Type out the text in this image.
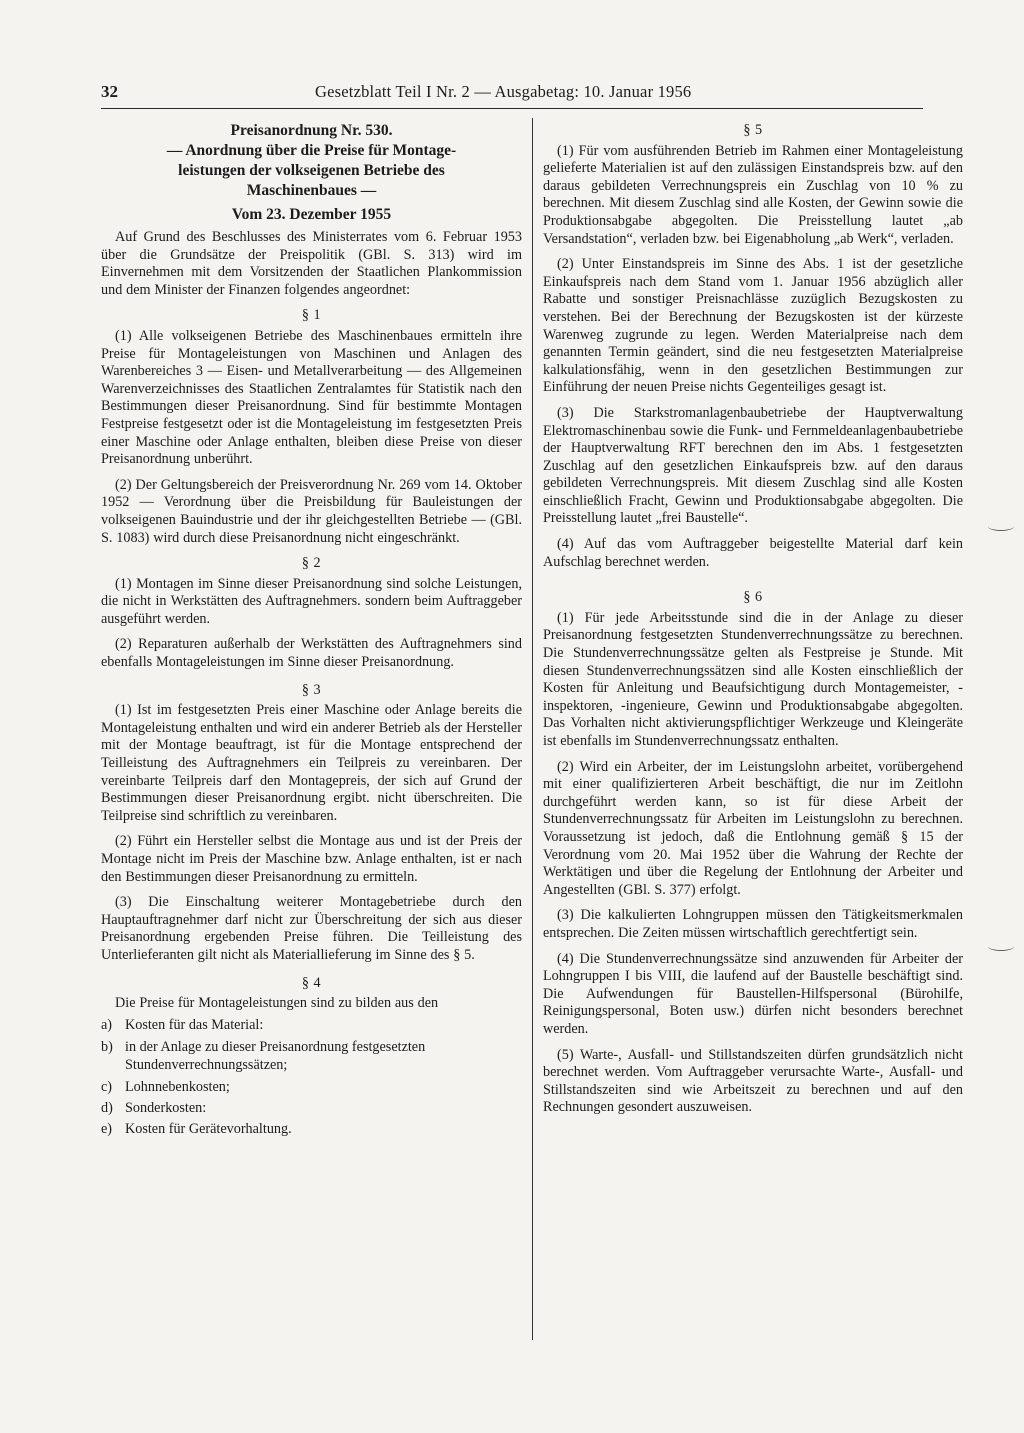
32	Gesetzblatt Teil I Nr. 2 — Ausgabetag: 10. Januar 1956
Preisanordnung Nr. 530.
— Anordnung über die Preise für Montage-
leistungen der volkseigenen Betriebe des
Maschinenbaues —
Vom 23. Dezember 1955

Auf Grund des Beschlusses des Ministerrates vom 6. Februar 1953 über die Grundsätze der Preispolitik (GBl. S. 313) wird im Einvernehmen mit dem Vorsitzenden der Staatlichen Plankommission und dem Minister der Finanzen folgendes angeordnet:

§ 1

(1) Alle volkseigenen Betriebe des Maschinenbaues ermitteln ihre Preise für Montageleistungen von Maschinen und Anlagen des Warenbereiches 3 — Eisen- und Metallverarbeitung — des Allgemeinen Warenverzeichnisses des Staatlichen Zentralamtes für Statistik nach den Bestimmungen dieser Preisanordnung. Sind für bestimmte Montagen Festpreise festgesetzt oder ist die Montageleistung im festgesetzten Preis einer Maschine oder Anlage enthalten, bleiben diese Preise von dieser Preisanordnung unberührt.

(2) Der Geltungsbereich der Preisverordnung Nr. 269 vom 14. Oktober 1952 — Verordnung über die Preisbildung für Bauleistungen der volkseigenen Bauindustrie und der ihr gleichgestellten Betriebe — (GBl. S. 1083) wird durch diese Preisanordnung nicht eingeschränkt.

§ 2

(1) Montagen im Sinne dieser Preisanordnung sind solche Leistungen, die nicht in Werkstätten des Auftragnehmers. sondern beim Auftraggeber ausgeführt werden.

(2) Reparaturen außerhalb der Werkstätten des Auftragnehmers sind ebenfalls Montageleistungen im Sinne dieser Preisanordnung.

§ 3

(1) Ist im festgesetzten Preis einer Maschine oder Anlage bereits die Montageleistung enthalten und wird ein anderer Betrieb als der Hersteller mit der Montage beauftragt, ist für die Montage entsprechend der Teilleistung des Auftragnehmers ein Teilpreis zu vereinbaren. Der vereinbarte Teilpreis darf den Montagepreis, der sich auf Grund der Bestimmungen dieser Preisanordnung ergibt. nicht überschreiten. Die Teilpreise sind schriftlich zu vereinbaren.

(2) Führt ein Hersteller selbst die Montage aus und ist der Preis der Montage nicht im Preis der Maschine bzw. Anlage enthalten, ist er nach den Bestimmungen dieser Preisanordnung zu ermitteln.

(3) Die Einschaltung weiterer Montagebetriebe durch den Hauptauftragnehmer darf nicht zur Überschreitung der sich aus dieser Preisanordnung ergebenden Preise führen. Die Teilleistung des Unterlieferanten gilt nicht als Materiallieferung im Sinne des § 5.

§ 4

Die Preise für Montageleistungen sind zu bilden aus den

a) Kosten für das Material:
b) in der Anlage zu dieser Preisanordnung festgesetzten Stundenverrechnungssätzen;
c) Lohnnebenkosten;
d) Sonderkosten:
e) Kosten für Gerätevorhaltung.
§ 5

(1) Für vom ausführenden Betrieb im Rahmen einer Montageleistung gelieferte Materialien ist auf den zulässigen Einstandspreis bzw. auf den daraus gebildeten Verrechnungspreis ein Zuschlag von 10 % zu berechnen. Mit diesem Zuschlag sind alle Kosten, der Gewinn sowie die Produktionsabgabe abgegolten. Die Preisstellung lautet „ab Versandstation“, verladen bzw. bei Eigenabholung „ab Werk“, verladen.

(2) Unter Einstandspreis im Sinne des Abs. 1 ist der gesetzliche Einkaufspreis nach dem Stand vom 1. Januar 1956 abzüglich aller Rabatte und sonstiger Preisnachlässe zuzüglich Bezugskosten zu verstehen. Bei der Berechnung der Bezugskosten ist der kürzeste Warenweg zugrunde zu legen. Werden Materialpreise nach dem genannten Termin geändert, sind die neu festgesetzten Materialpreise kalkulationsfähig, wenn in den gesetzlichen Bestimmungen zur Einführung der neuen Preise nichts Gegenteiliges gesagt ist.

(3) Die Starkstromanlagenbaubetriebe der Hauptverwaltung Elektromaschinenbau sowie die Funk- und Fernmeldeanlagenbaubetriebe der Hauptverwaltung RFT berechnen den im Abs. 1 festgesetzten Zuschlag auf den gesetzlichen Einkaufspreis bzw. auf den daraus gebildeten Verrechnungspreis. Mit diesem Zuschlag sind alle Kosten einschließlich Fracht, Gewinn und Produktionsabgabe abgegolten. Die Preisstellung lautet „frei Baustelle“.

(4) Auf das vom Auftraggeber beigestellte Material darf kein Aufschlag berechnet werden.

§ 6

(1) Für jede Arbeitsstunde sind die in der Anlage zu dieser Preisanordnung festgesetzten Stundenverrechnungssätze zu berechnen. Die Stundenverrechnungssätze gelten als Festpreise je Stunde. Mit diesen Stundenverrechnungssätzen sind alle Kosten einschließlich der Kosten für Anleitung und Beaufsichtigung durch Montagemeister, -inspektoren, -ingenieure, Gewinn und Produktionsabgabe abgegolten. Das Vorhalten nicht aktivierungspflichtiger Werkzeuge und Kleingeräte ist ebenfalls im Stundenverrechnungssatz enthalten.

(2) Wird ein Arbeiter, der im Leistungslohn arbeitet, vorübergehend mit einer qualifizierteren Arbeit beschäftigt, die nur im Zeitlohn durchgeführt werden kann, so ist für diese Arbeit der Stundenverrechnungssatz für Arbeiten im Leistungslohn zu berechnen. Voraussetzung ist jedoch, daß die Entlohnung gemäß § 15 der Verordnung vom 20. Mai 1952 über die Wahrung der Rechte der Werktätigen und über die Regelung der Entlohnung der Arbeiter und Angestellten (GBl. S. 377) erfolgt.

(3) Die kalkulierten Lohngruppen müssen den Tätigkeitsmerkmalen entsprechen. Die Zeiten müssen wirtschaftlich gerechtfertigt sein.

(4) Die Stundenverrechnungssätze sind anzuwenden für Arbeiter der Lohngruppen I bis VIII, die laufend auf der Baustelle beschäftigt sind. Die Aufwendungen für Baustellen-Hilfspersonal (Bürohilfe, Reinigungspersonal, Boten usw.) dürfen nicht besonders berechnet werden.

(5) Warte-, Ausfall- und Stillstandszeiten dürfen grundsätzlich nicht berechnet werden. Vom Auftraggeber verursachte Warte-, Ausfall- und Stillstandszeiten sind wie Arbeitszeit zu berechnen und auf den Rechnungen gesondert auszuweisen.
